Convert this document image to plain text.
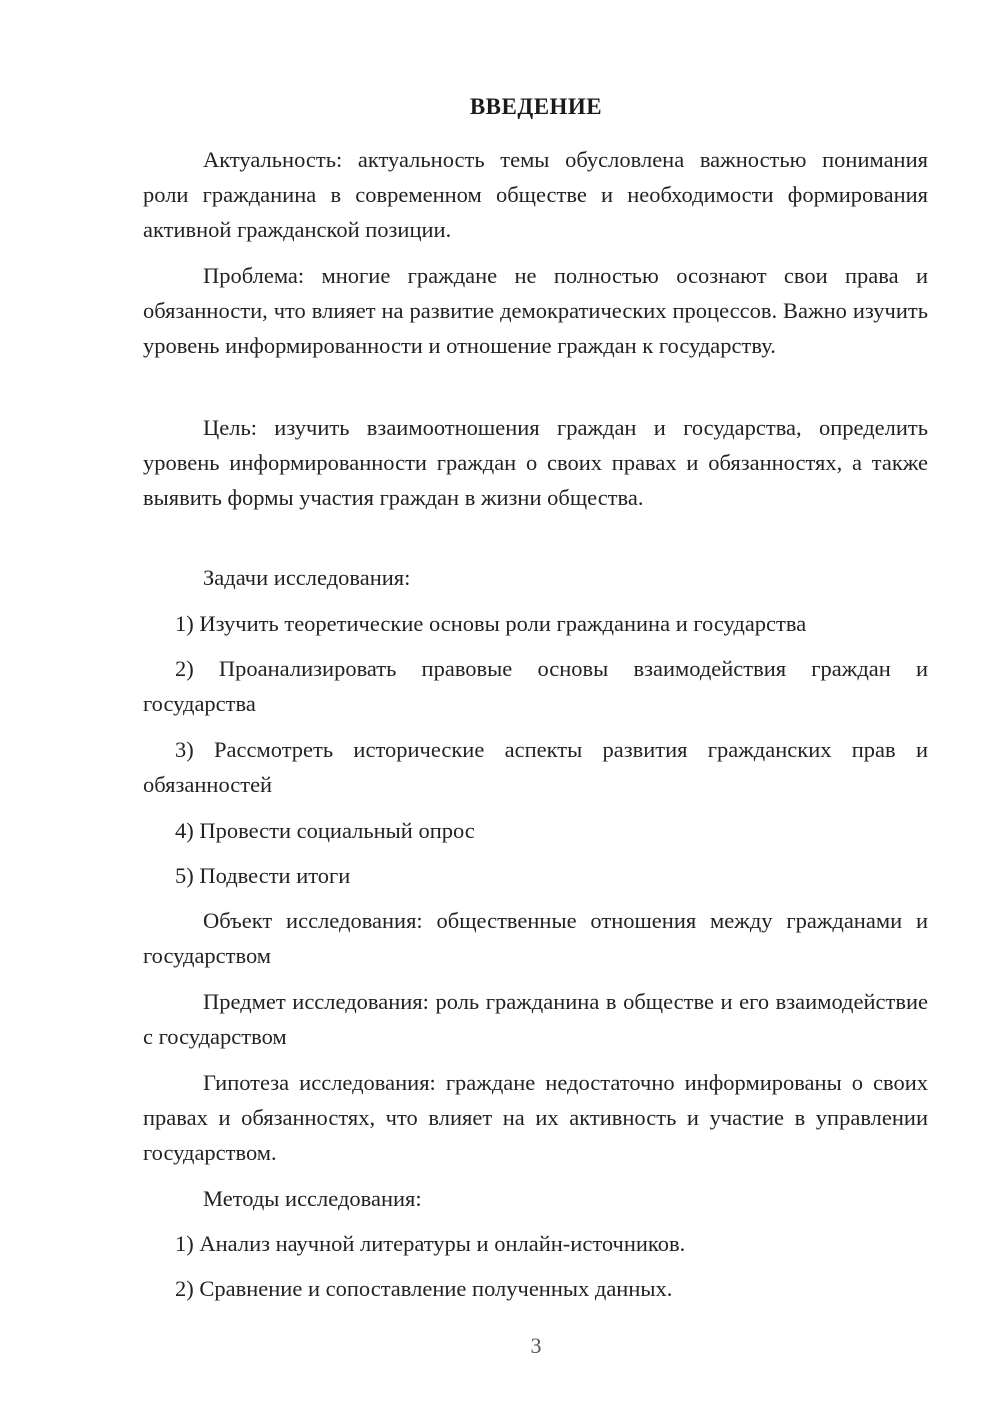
ВВЕДЕНИЕ
Актуальность: актуальность темы обусловлена важностью понимания роли гражданина в современном обществе и необходимости формирования активной гражданской позиции.
Проблема: многие граждане не полностью осознают свои права и обязанности, что влияет на развитие демократических процессов. Важно изучить уровень информированности и отношение граждан к государству.
Цель: изучить взаимоотношения граждан и государства, определить уровень информированности граждан о своих правах и обязанностях, а также выявить формы участия граждан в жизни общества.
Задачи исследования:
1) Изучить теоретические основы роли гражданина и государства
2) Проанализировать правовые основы взаимодействия граждан и государства
3) Рассмотреть исторические аспекты развития гражданских прав и обязанностей
4) Провести социальный опрос
5) Подвести итоги
Объект исследования: общественные отношения между гражданами и государством
Предмет исследования: роль гражданина в обществе и его взаимодействие с государством
Гипотеза исследования: граждане недостаточно информированы о своих правах и обязанностях, что влияет на их активность и участие в управлении государством.
Методы исследования:
1) Анализ научной литературы и онлайн-источников.
2) Сравнение и сопоставление полученных данных.
3
